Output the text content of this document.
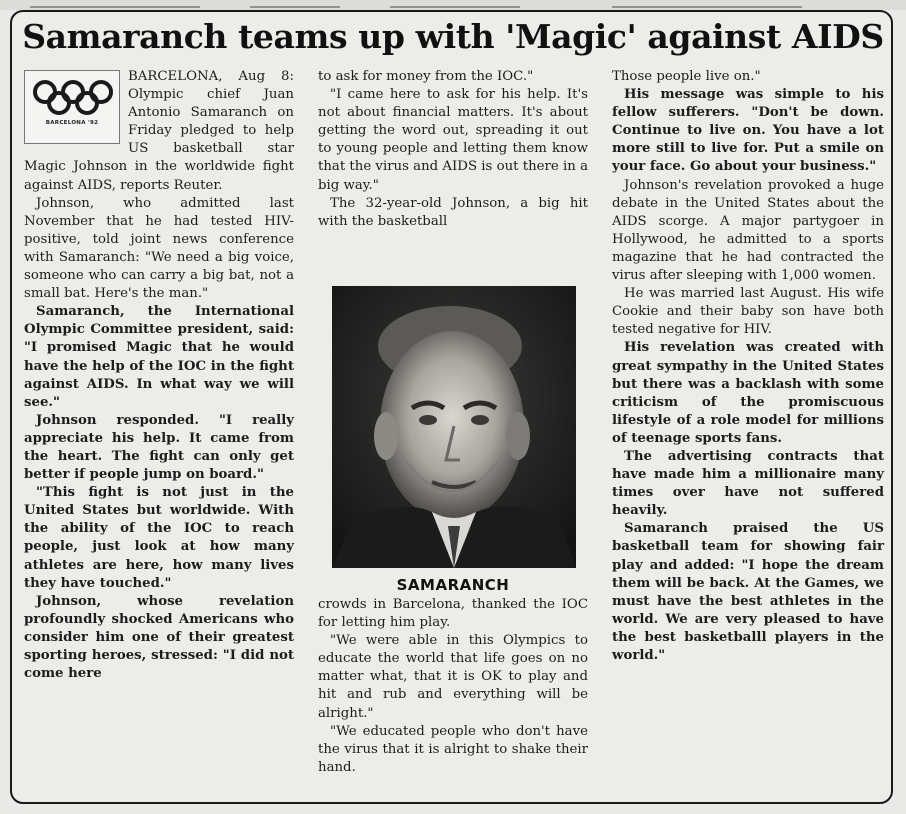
Samaranch teams up with 'Magic' against AIDS
BARCELONA '92

BARCELONA, Aug 8: Olympic chief Juan Antonio Samaranch on Friday pledged to help US basketball star Magic Johnson in the worldwide fight against AIDS, reports Reuter.

Johnson, who admitted last November that he had tested HIV-positive, told joint news conference with Samaranch: "We need a big voice, someone who can carry a big bat, not a small bat. Here's the man."

Samaranch, the International Olympic Committee president, said: "I promised Magic that he would have the help of the IOC in the fight against AIDS. In what way we will see."

Johnson responded. "I really appreciate his help. It came from the heart. The fight can only get better if people jump on board."

"This fight is not just in the United States but worldwide. With the ability of the IOC to reach people, just look at how many athletes are here, how many lives they have touched."

Johnson, whose revelation profoundly shocked Americans who consider him one of their greatest sporting heroes, stressed: "I did not come here

to ask for money from the IOC."

"I came here to ask for his help. It's not about financial matters. It's about getting the word out, spreading it out to young people and letting them know that the virus and AIDS is out there in a big way."

The 32-year-old Johnson, a big hit with the basketball

SAMARANCH

crowds in Barcelona, thanked the IOC for letting him play.

"We were able in this Olympics to educate the world that life goes on no matter what, that it is OK to play and hit and rub and everything will be alright."

"We educated people who don't have the virus that it is alright to shake their hand.

Those people live on."

His message was simple to his fellow sufferers. "Don't be down. Continue to live on. You have a lot more still to live for. Put a smile on your face. Go about your business."

Johnson's revelation provoked a huge debate in the United States about the AIDS scorge. A major partygoer in Hollywood, he admitted to a sports magazine that he had contracted the virus after sleeping with 1,000 women.

He was married last August. His wife Cookie and their baby son have both tested negative for HIV.

His revelation was created with great sympathy in the United States but there was a backlash with some criticism of the promiscuous lifestyle of a role model for millions of teenage sports fans.

The advertising contracts that have made him a millionaire many times over have not suffered heavily.

Samaranch praised the US basketball team for showing fair play and added: "I hope the dream them will be back. At the Games, we must have the best athletes in the world. We are very pleased to have the best basketballl players in the world."
